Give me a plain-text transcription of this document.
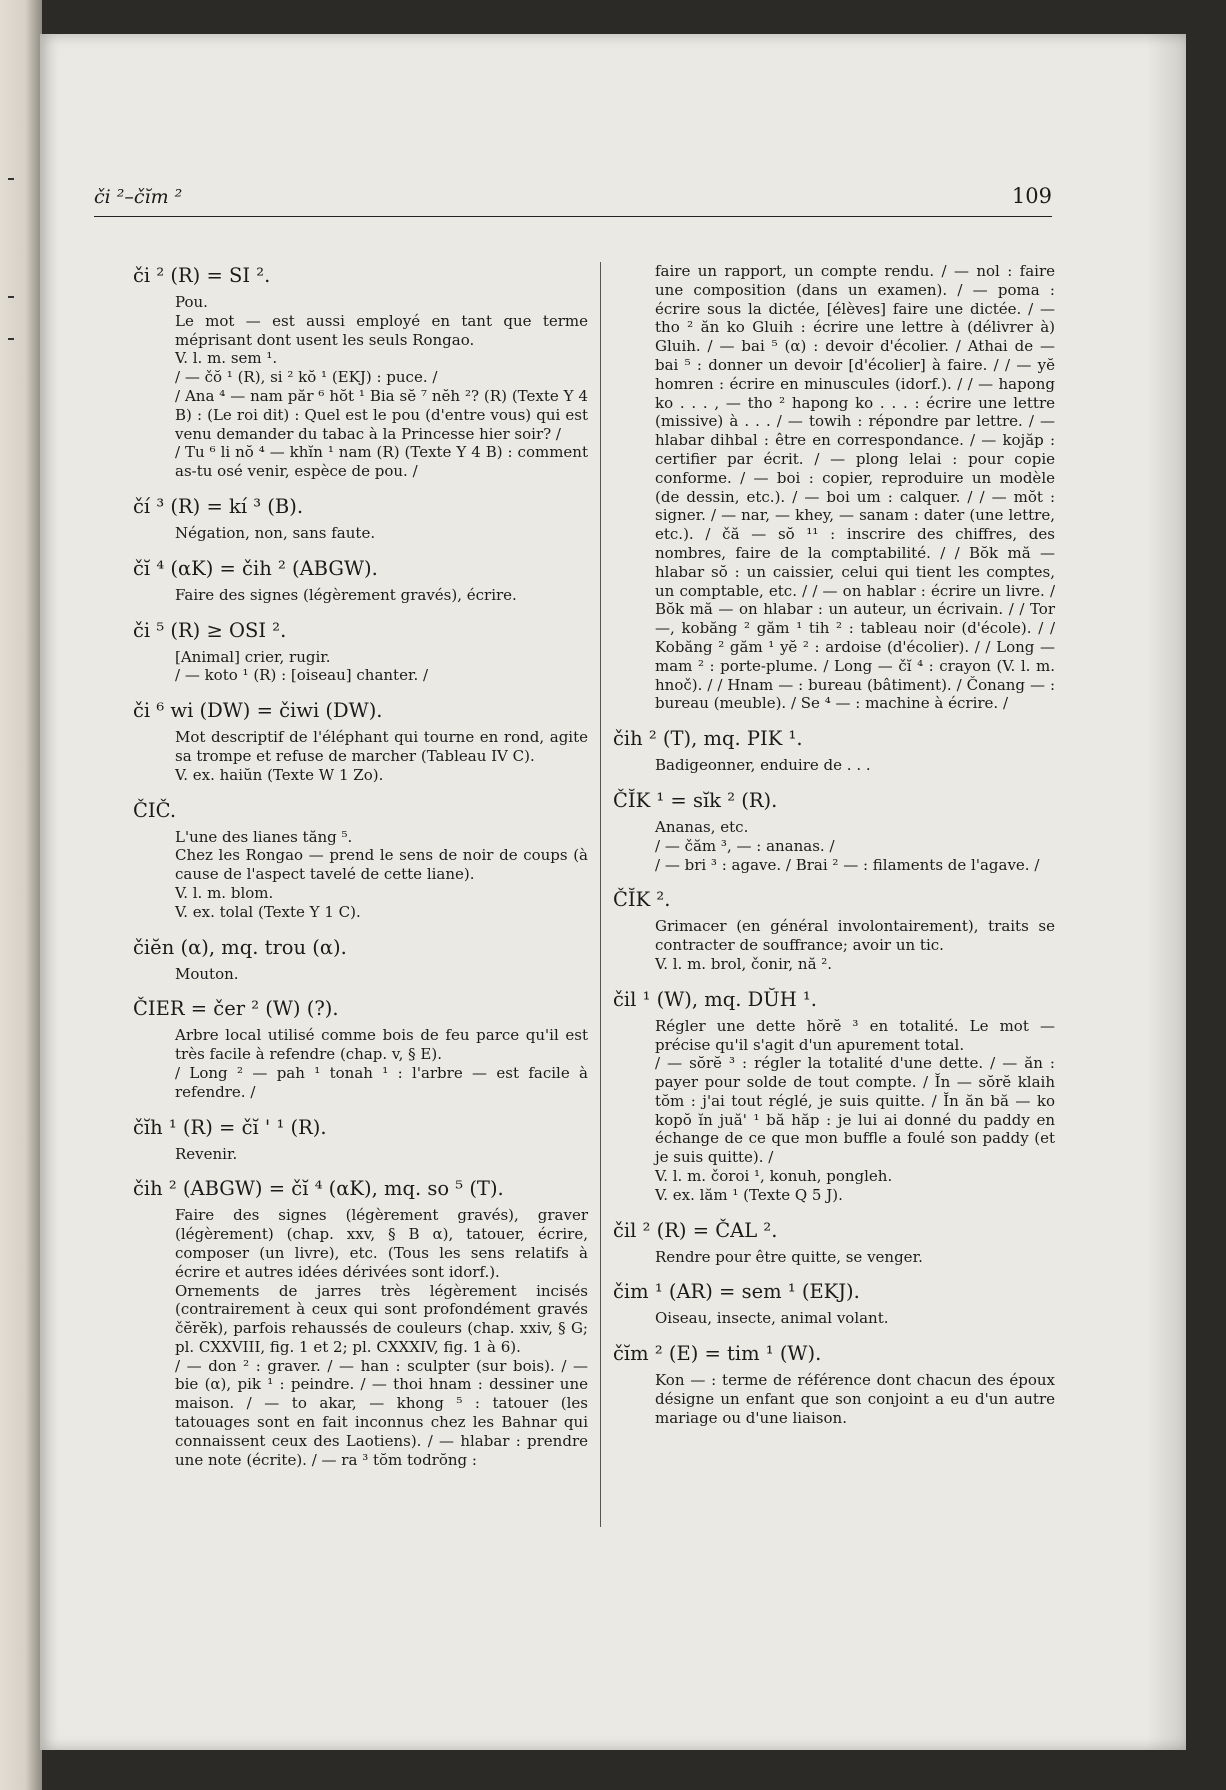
či ²–čĭm ²	109
či ² (R) = SI ².
Pou.
Le mot — est aussi employé en tant que terme méprisant dont usent les seuls Rongao.
V. l. m. sem ¹.
/ — čŏ ¹ (R), si ² kŏ ¹ (EKJ) : puce. /
/ Ana ⁴ — nam păr ⁶ hŏt ¹ Bia sĕ ⁷ nĕh ²? (R) (Texte Y 4 B) : (Le roi dit) : Quel est le pou (d'entre vous) qui est venu demander du tabac à la Princesse hier soir? /
/ Tu ⁶ li nŏ ⁴ — khĭn ¹ nam (R) (Texte Y 4 B) : comment as-tu osé venir, espèce de pou. /
čí ³ (R) = kí ³ (B).
Négation, non, sans faute.
čĭ ⁴ (αK) = čih ² (ABGW).
Faire des signes (légèrement gravés), écrire.
či ⁵ (R) ≥ OSI ².
[Animal] crier, rugir.
/ — koto ¹ (R) : [oiseau] chanter. /
či ⁶ wi (DW) = čiwi (DW).
Mot descriptif de l'éléphant qui tourne en rond, agite sa trompe et refuse de marcher (Tableau IV C).
V. ex. haiŭn (Texte W 1 Zo).
ČIČ.
L'une des lianes tăng ⁵.
Chez les Rongao — prend le sens de noir de coups (à cause de l'aspect tavelé de cette liane).
V. l. m. blom.
V. ex. tolal (Texte Y 1 C).
čiĕn (α), mq. trou (α).
Mouton.
ČIER = čer ² (W) (?).
Arbre local utilisé comme bois de feu parce qu'il est très facile à refendre (chap. v, § E).
/ Long ² — pah ¹ tonah ¹ : l'arbre — est facile à refendre. /
čĭh ¹ (R) = čĭ ' ¹ (R).
Revenir.
čih ² (ABGW) = čĭ ⁴ (αK), mq. so ⁵ (T).
Faire des signes (légèrement gravés), graver (légèrement) (chap. xxv, § B α), tatouer, écrire, composer (un livre), etc. (Tous les sens relatifs à écrire et autres idées dérivées sont idorf.).
Ornements de jarres très légèrement incisés (contrairement à ceux qui sont profondément gravés čĕrĕk), parfois rehaussés de couleurs (chap. xxiv, § G; pl. CXXVIII, fig. 1 et 2; pl. CXXXIV, fig. 1 à 6).
/ — don ² : graver. / — han : sculpter (sur bois). / — bie (α), pik ¹ : peindre. / — thoi hnam : dessiner une maison. / — to akar, — khong ⁵ : tatouer (les tatouages sont en fait inconnus chez les Bahnar qui connaissent ceux des Laotiens). / — hlabar : prendre une note (écrite). / — ra ³ tŏm todrŏng :
faire un rapport, un compte rendu. / — nol : faire une composition (dans un examen). / — poma : écrire sous la dictée, [élèves] faire une dictée. / — tho ² ăn ko Gluih : écrire une lettre à (délivrer à) Gluih. / — bai ⁵ (α) : devoir d'écolier. / Athai de — bai ⁵ : donner un devoir [d'écolier] à faire. / / — yĕ homren : écrire en minuscules (idorf.). / / — hapong ko . . . , — tho ² hapong ko . . . : écrire une lettre (missive) à . . . / — towih : répondre par lettre. / — hlabar dihbal : être en correspondance. / — kojăp : certifier par écrit. / — plong lelai : pour copie conforme. / — boi : copier, reproduire un modèle (de dessin, etc.). / — boi um : calquer. / / — mŏt : signer. / — nar, — khey, — sanam : dater (une lettre, etc.). / čă — sŏ ¹¹ : inscrire des chiffres, des nombres, faire de la comptabilité. / / Bŏk mă — hlabar sŏ : un caissier, celui qui tient les comptes, un comptable, etc. / / — on hablar : écrire un livre. / Bŏk mă — on hlabar : un auteur, un écrivain. / / Tor —, kobăng ² găm ¹ tih ² : tableau noir (d'école). / / Kobăng ² găm ¹ yĕ ² : ardoise (d'écolier). / / Long — mam ² : porte-plume. / Long — čĭ ⁴ : crayon (V. l. m. hnoč). / / Hnam — : bureau (bâtiment). / Čonang — : bureau (meuble). / Se ⁴ — : machine à écrire. /
čih ² (T), mq. PIK ¹.
Badigeonner, enduire de . . .
ČĬK ¹ = sĭk ² (R).
Ananas, etc.
/ — čăm ³, — : ananas. /
/ — bri ³ : agave. / Brai ² — : filaments de l'agave. /
ČĬK ².
Grimacer (en général involontairement), traits se contracter de souffrance; avoir un tic.
V. l. m. brol, čonir, nă ².
čil ¹ (W), mq. DŬH ¹.
Régler une dette hŏrĕ ³ en totalité. Le mot — précise qu'il s'agit d'un apurement total.
/ — sŏrĕ ³ : régler la totalité d'une dette. / — ăn : payer pour solde de tout compte. / Ĭn — sŏrĕ klaih tŏm : j'ai tout réglé, je suis quitte. / Ĭn ăn bă — ko kopŏ ĭn juă' ¹ bă hăp : je lui ai donné du paddy en échange de ce que mon buffle a foulé son paddy (et je suis quitte). /
V. l. m. čoroi ¹, konuh, pongleh.
V. ex. lăm ¹ (Texte Q 5 J).
čil ² (R) = ČAL ².
Rendre pour être quitte, se venger.
čim ¹ (AR) = sem ¹ (EKJ).
Oiseau, insecte, animal volant.
čĭm ² (E) = tim ¹ (W).
Kon — : terme de référence dont chacun des époux désigne un enfant que son conjoint a eu d'un autre mariage ou d'une liaison.
